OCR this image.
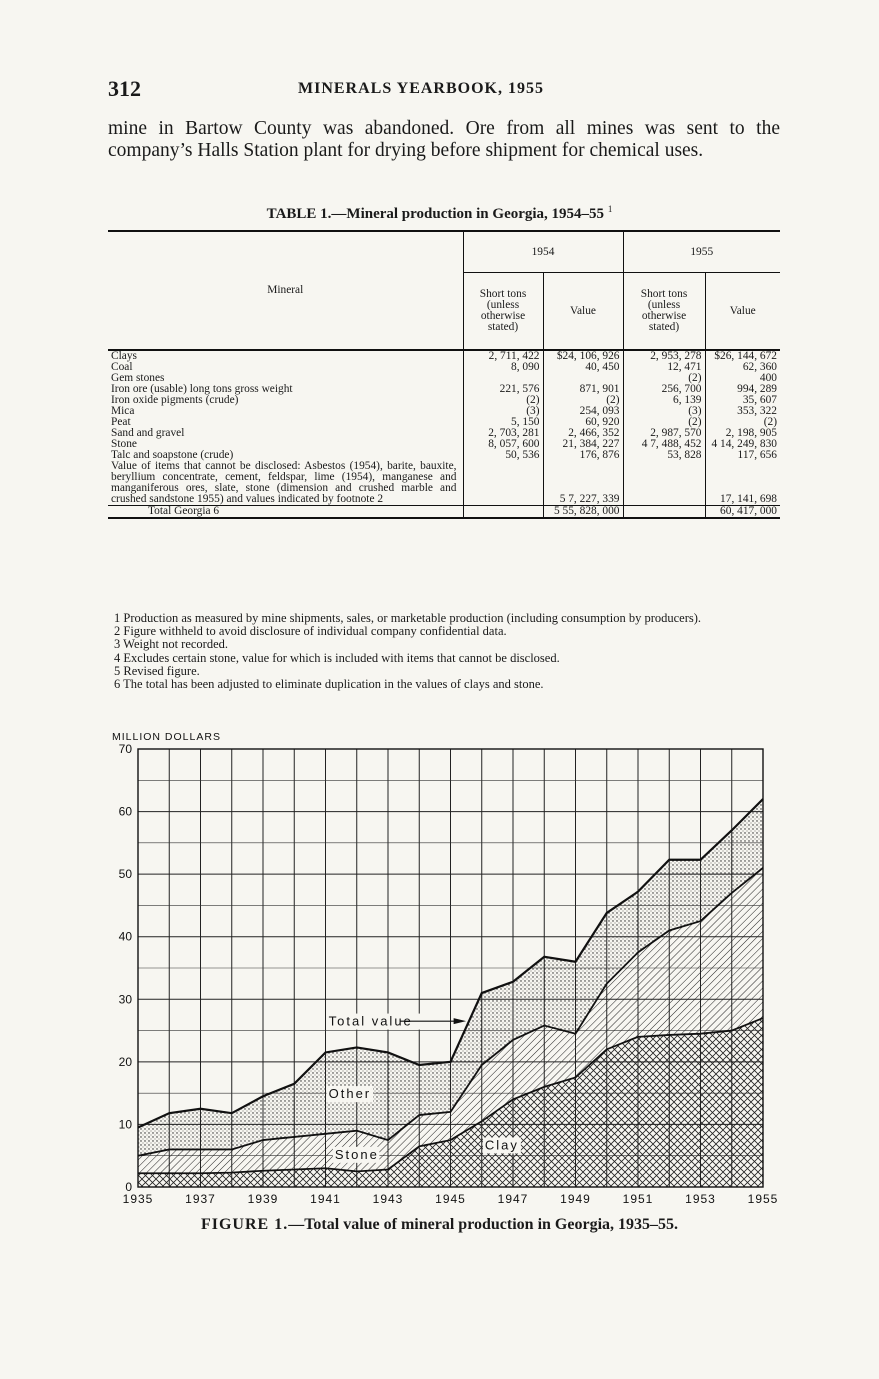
312	MINERALS YEARBOOK, 1955
mine in Bartow County was abandoned. Ore from all mines was sent to the company’s Halls Station plant for drying before shipment for chemical uses.
TABLE 1.—Mineral production in Georgia, 1954–55 $^1$
Mineral	1954		1955	
	Short tons (unless otherwise stated)	Value	Short tons (unless otherwise stated)	Value
Clays	2, 711, 422	$24, 106, 926	2, 953, 278	$26, 144, 672
Coal	8, 090	40, 450	12, 471	62, 360
Gem stones			(2)	400
Iron ore (usable) long tons gross weight	221, 576	871, 901	256, 700	994, 289
Iron oxide pigments (crude)	(2)	(2)	6, 139	35, 607
Mica	(3)	254, 093	(3)	353, 322
Peat	5, 150	60, 920	(2)	(2)
Sand and gravel	2, 703, 281	2, 466, 352	2, 987, 570	2, 198, 905
Stone	8, 057, 600	21, 384, 227	4 7, 488, 452	4 14, 249, 830
Talc and soapstone (crude)	50, 536	176, 876	53, 828	117, 656
Value of items that cannot be disclosed: Asbestos (1954), barite, bauxite, beryllium concentrate, cement, feldspar, lime (1954), manganese and manganiferous ores, slate, stone (dimension and crushed marble and crushed sandstone 1955) and values indicated by footnote 2		5 7, 227, 339		17, 141, 698
Total Georgia 6		5 55, 828, 000		60, 417, 000
1 Production as measured by mine shipments, sales, or marketable production (including consumption by producers).
2 Figure withheld to avoid disclosure of individual company confidential data.
3 Weight not recorded.
4 Excludes certain stone, value for which is included with items that cannot be disclosed.
5 Revised figure.
6 The total has been adjusted to eliminate duplication in the values of clays and stone.
0
10
20
30
40
50
60
70
1935	1937	1939	1941	1943	1945	1947	1949	1951	1953	1955
MILLION DOLLARS
Total value
Other
Stone
Clay
FIGURE 1.—Total value of mineral production in Georgia, 1935–55.
